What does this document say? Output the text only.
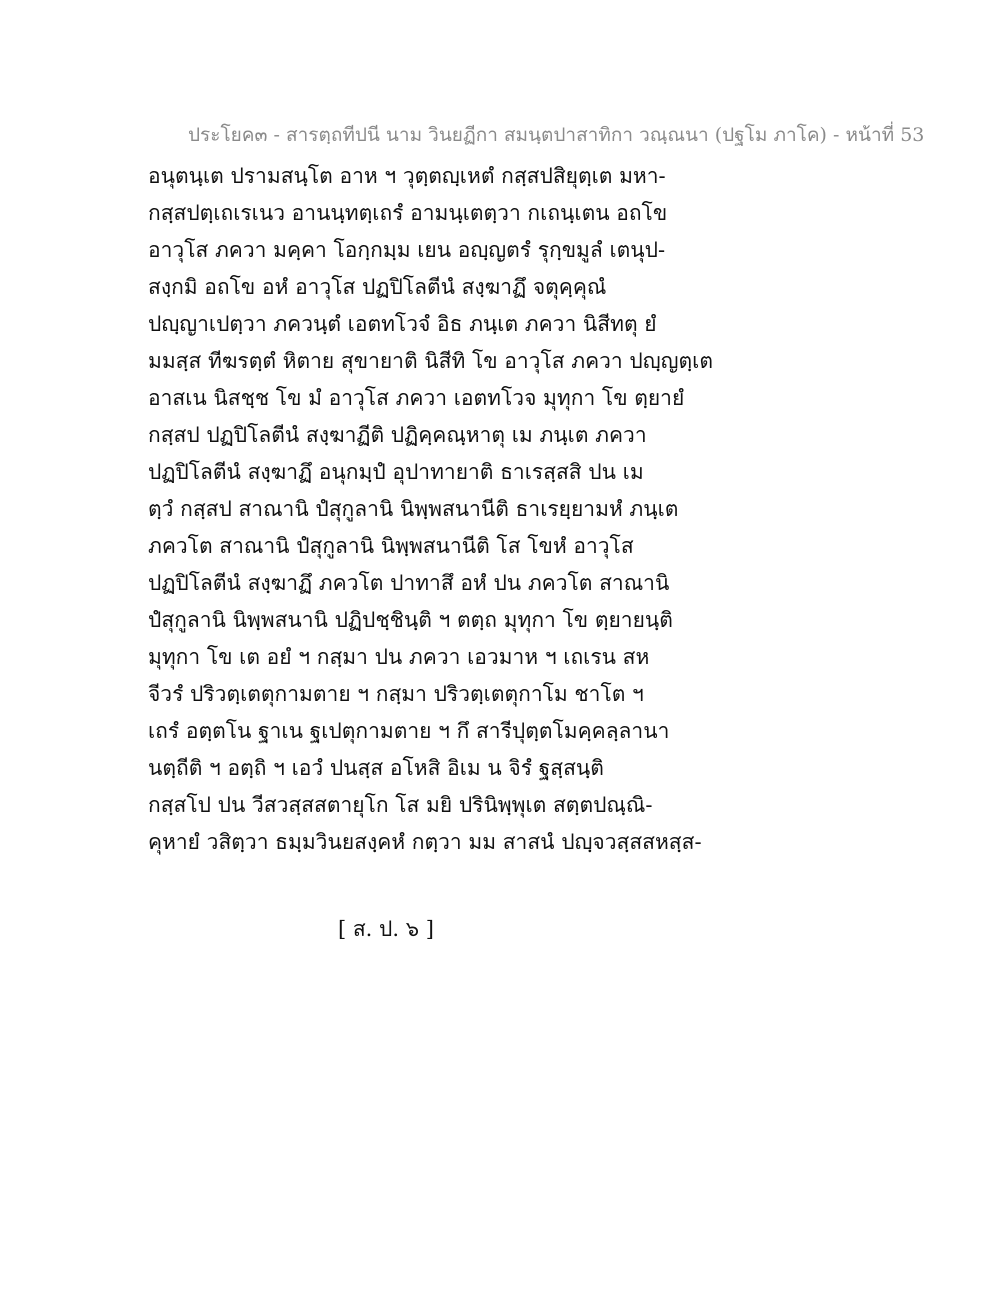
ประโยค๓ - สารตฺถทีปนี นาม วินยฏีกา สมนฺตปาสาทิกา วณฺณนา (ปฐโม ภาโค) - หน้าที่ 53
อนุตนฺเต ปรามสนฺโต อาห ฯ วุตฺตญฺเหตํ กสฺสปสิยุตฺเต มหา-
กสฺสปตฺเถเรเนว อานนฺทตฺเถรํ อามนฺเตตฺวา กเถนฺเตน อถโข
อาวุโส ภควา มคฺคา โอกฺกมฺม เยน อญฺญตรํ รุกฺขมูลํ เตนุป-
สงฺกมิ อถโข อหํ อาวุโส ปฏปิโลตีนํ สงฺฆาฏึ จตุคฺคุณํ
ปญฺญาเปตฺวา ภควนฺตํ เอตทโวจํ อิธ ภนฺเต ภควา นิสีทตุ ยํ
มมสฺส ทีฆรตฺตํ หิตาย สุขายาติ นิสีทิ โข อาวุโส ภควา ปญฺญตฺเต
อาสเน นิสชฺช โข มํ อาวุโส ภควา เอตทโวจ มุทุกา โข ตฺยายํ
กสฺสป ปฏปิโลตีนํ สงฺฆาฏีติ ปฏิคฺคณฺหาตุ เม ภนฺเต ภควา
ปฏปิโลตีนํ สงฺฆาฏึ อนุกมฺปํ อุปาทายาติ ธาเรสฺสสิ ปน เม
ตฺวํ กสฺสป สาณานิ ปํสุกูลานิ นิพฺพสนานีติ ธาเรยฺยามหํ ภนฺเต
ภควโต สาณานิ ปํสุกูลานิ นิพฺพสนานีติ โส โขหํ อาวุโส
ปฏปิโลตีนํ สงฺฆาฏึ ภควโต ปาทาสึ อหํ ปน ภควโต สาณานิ
ปํสุกูลานิ นิพฺพสนานิ ปฏิปชฺชินฺติ ฯ ตตฺถ มุทุกา โข ตฺยายนฺติ
มุทุกา โข เต อยํ ฯ กสฺมา ปน ภควา เอวมาห ฯ เถเรน สห
จีวรํ ปริวตฺเตตุกามตาย ฯ กสฺมา ปริวตฺเตตุกาโม ชาโต ฯ
เถรํ อตฺตโน ฐาเน ฐเปตุกามตาย ฯ กึ สารีปุตฺตโมคฺคลฺลานา
นตฺถีติ ฯ อตฺถิ ฯ เอวํ ปนสฺส อโหสิ อิเม น จิรํ ฐสฺสนฺติ
กสฺสโป ปน วีสวสฺสสตายุโก โส มยิ ปรินิพฺพุเต สตฺตปณฺณิ-
คุหายํ วสิตฺวา ธมฺมวินยสงฺคหํ กตฺวา มม สาสนํ ปญฺจวสฺสสหสฺส-
[ ส. ป. ๖ ]
